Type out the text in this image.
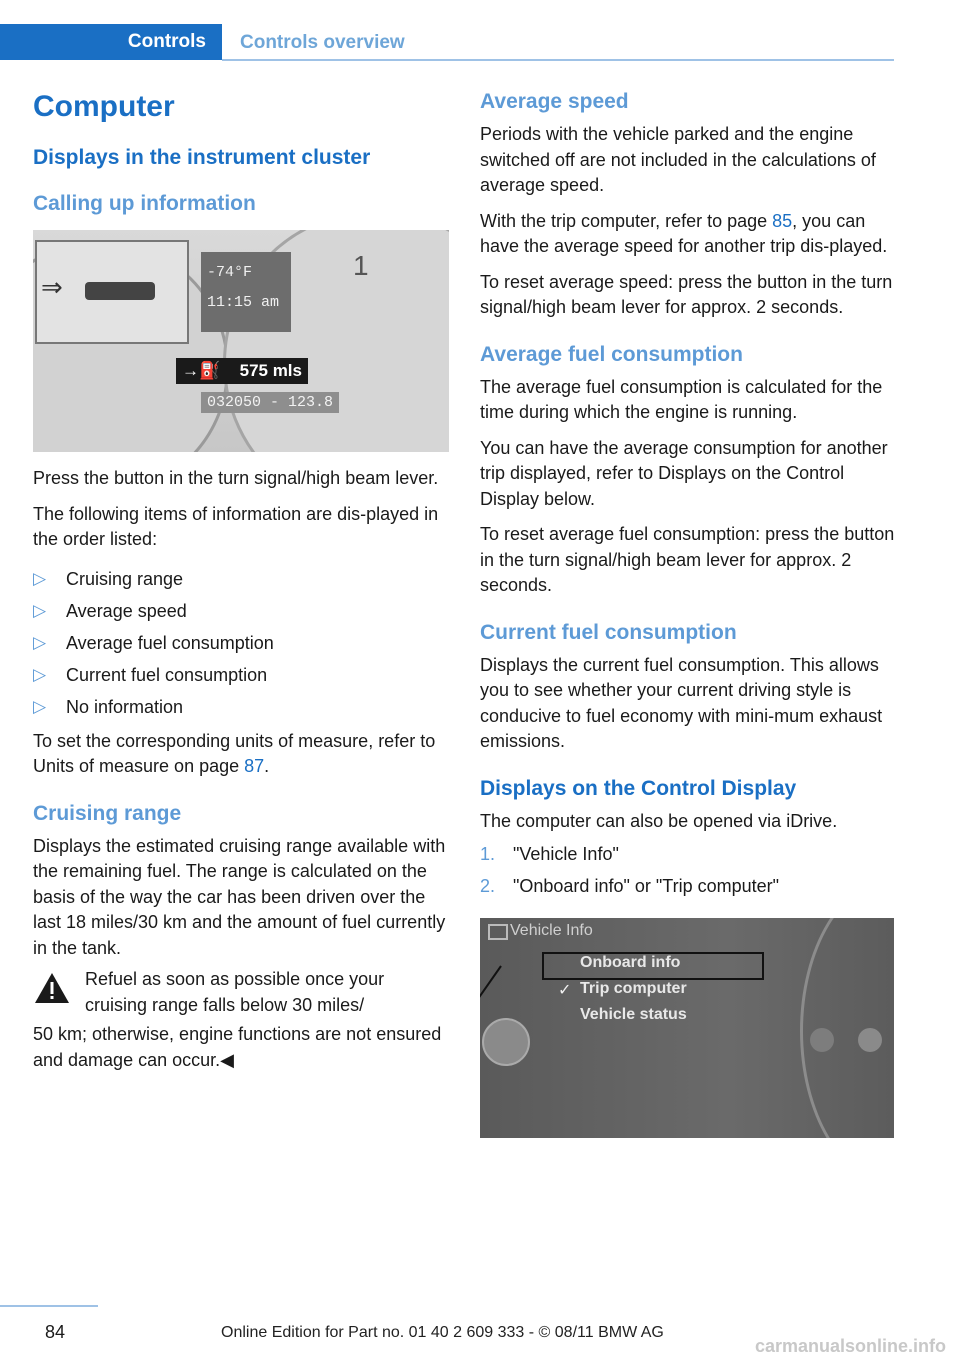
Controls	Controls overview
Computer
Displays in the instrument cluster
Calling up information
⇒	-74°F
11:15 am
→⛽ 575 mls
032050 - 123.8
1

Press the button in the turn signal/high beam lever.

The following items of information are dis-played in the order listed:

▷	Cruising range
▷	Average speed
▷	Average fuel consumption
▷	Current fuel consumption
▷	No information

To set the corresponding units of measure, refer to Units of measure on page 87.

Cruising range

Displays the estimated cruising range available with the remaining fuel. The range is calculated on the basis of the way the car has been driven over the last 18 miles/30 km and the amount of fuel currently in the tank.

Refuel as soon as possible once your cruising range falls below 30 miles/

50 km; otherwise, engine functions are not ensured and damage can occur.◀

Average speed

Periods with the vehicle parked and the engine switched off are not included in the calculations of average speed.

With the trip computer, refer to page 85, you can have the average speed for another trip dis-played.

To reset average speed: press the button in the turn signal/high beam lever for approx. 2 seconds.

Average fuel consumption

The average fuel consumption is calculated for the time during which the engine is running.

You can have the average consumption for another trip displayed, refer to Displays on the Control Display below.

To reset average fuel consumption: press the button in the turn signal/high beam lever for approx. 2 seconds.

Current fuel consumption

Displays the current fuel consumption. This allows you to see whether your current driving style is conducive to fuel economy with mini-mum exhaust emissions.

Displays on the Control Display

The computer can also be opened via iDrive.

1. "Vehicle Info"
2. "Onboard info" or "Trip computer"
Vehicle Info
Onboard info
✓ Trip computer
Vehicle status
84	Online Edition for Part no. 01 40 2 609 333 - © 08/11 BMW AG
carmanualsonline.info
